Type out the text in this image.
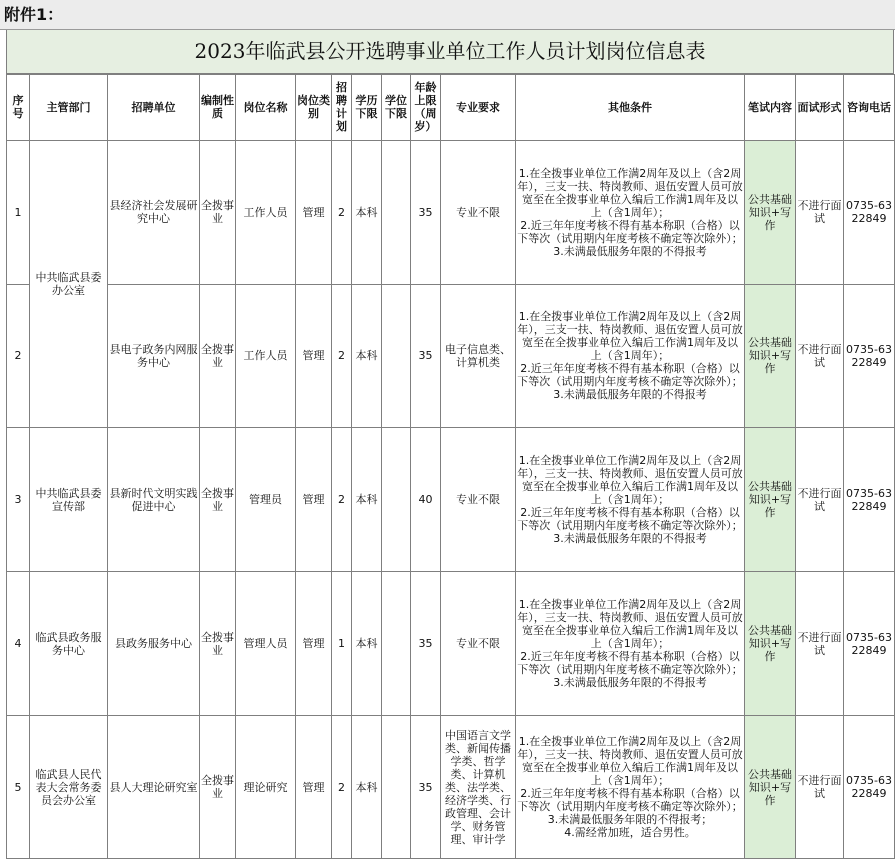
附件1：
2023年临武县公开选聘事业单位工作人员计划岗位信息表
序号	主管部门	招聘单位	编制性质	岗位名称	岗位类别	招聘计划	学历下限	学位下限	年龄上限（周岁）	专业要求	其他条件	笔试内容	面试形式	咨询电话
1	中共临武县委办公室	县经济社会发展研究中心	全拨事业	工作人员	管理	2	本科		35	专业不限	1.在全拨事业单位工作满2周年及以上（含2周年），三支一扶、特岗教师、退伍安置人员可放宽至在全拨事业单位入编后工作满1周年及以上（含1周年）；
2.近三年年度考核不得有基本称职（合格）以下等次（试用期内年度考核不确定等次除外）；
3.未满最低服务年限的不得报考	公共基础知识+写作	不进行面试	0735-6322849
2		县电子政务内网服务中心	全拨事业	工作人员	管理	2	本科		35	电子信息类、计算机类	1.在全拨事业单位工作满2周年及以上（含2周年），三支一扶、特岗教师、退伍安置人员可放宽至在全拨事业单位入编后工作满1周年及以上（含1周年）；
2.近三年年度考核不得有基本称职（合格）以下等次（试用期内年度考核不确定等次除外）；
3.未满最低服务年限的不得报考	公共基础知识+写作	不进行面试	0735-6322849
3	中共临武县委宣传部	县新时代文明实践促进中心	全拨事业	管理员	管理	2	本科		40	专业不限	1.在全拨事业单位工作满2周年及以上（含2周年），三支一扶、特岗教师、退伍安置人员可放宽至在全拨事业单位入编后工作满1周年及以上（含1周年）；
2.近三年年度考核不得有基本称职（合格）以下等次（试用期内年度考核不确定等次除外）；
3.未满最低服务年限的不得报考	公共基础知识+写作	不进行面试	0735-6322849
4	临武县政务服务中心	县政务服务中心	全拨事业	管理人员	管理	1	本科		35	专业不限	1.在全拨事业单位工作满2周年及以上（含2周年），三支一扶、特岗教师、退伍安置人员可放宽至在全拨事业单位入编后工作满1周年及以上（含1周年）；
2.近三年年度考核不得有基本称职（合格）以下等次（试用期内年度考核不确定等次除外）；
3.未满最低服务年限的不得报考	公共基础知识+写作	不进行面试	0735-6322849
5	临武县人民代表大会常务委员会办公室	县人大理论研究室	全拨事业	理论研究	管理	2	本科		35	中国语言文学类、新闻传播学类、哲学类、计算机类、法学类、经济学类、行政管理、会计学、财务管理、审计学	1.在全拨事业单位工作满2周年及以上（含2周年），三支一扶、特岗教师、退伍安置人员可放宽至在全拨事业单位入编后工作满1周年及以上（含1周年）；
2.近三年年度考核不得有基本称职（合格）以下等次（试用期内年度考核不确定等次除外）；
3.未满最低服务年限的不得报考；
4.需经常加班，适合男性。	公共基础知识+写作	不进行面试	0735-6322849
